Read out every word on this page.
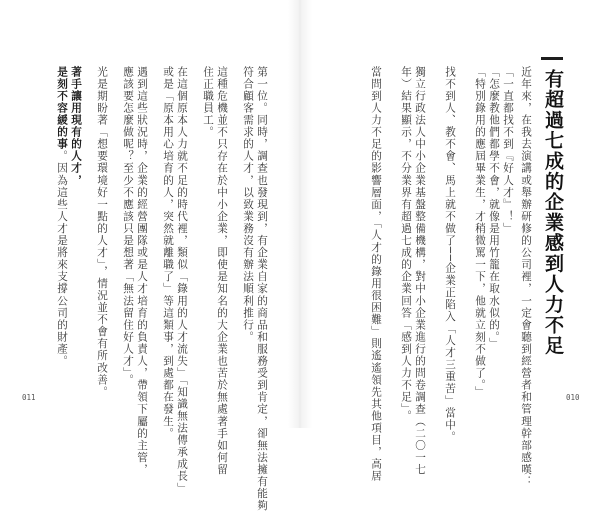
有超過七成的企業感到人力不足
近年來，在我去演講或舉辦研修的公司裡，一定會聽到經營者和管理幹部感嘆：
「一直都找不到『好人才』！」
「怎麼教他們都學不會，就像是用竹籠在取水似的。」
「特別錄用的應屆畢業生，才稍微罵一下，他就立刻不做了。」
找不到人、教不會、馬上就不做了──企業正陷入「人才三重苦」當中。
獨立行政法人中小企業基盤整備機構，對中小企業進行的問卷調查（二〇一七
年）結果顯示，不分業界有超過七成的企業回答「感到人力不足」。
當問到人力不足的影響層面，「人才的錄用很困難」則遙遙領先其他項目，高居	010
第一位。同時，調查也發現到，有企業自家的商品和服務受到肯定，卻無法擁有能夠
符合顧客需求的人才，以致業務沒有辦法順利推行。
這種危機並不只存在於中小企業，即使是知名的大企業也苦於無處著手如何留
住正職員工。
在這個原本人力就不足的時代裡，類似「錄用的人才流失」「知識無法傳承成長」
或是「原本用心培育的人，突然就離職了」等這類事，到處都在發生。
遇到這些狀況時，企業的經營團隊或是人才培育的負責人，帶領下屬的主管，
應該要怎麼做呢？至少不應該只是想著「無法留住好人才」。
光是期盼著「想要環境好一點的人才」，情況並不會有所改善。
著手讓用現有的人才，
是刻不容緩的事。因為這些人才是將來支撐公司的財產。
011
